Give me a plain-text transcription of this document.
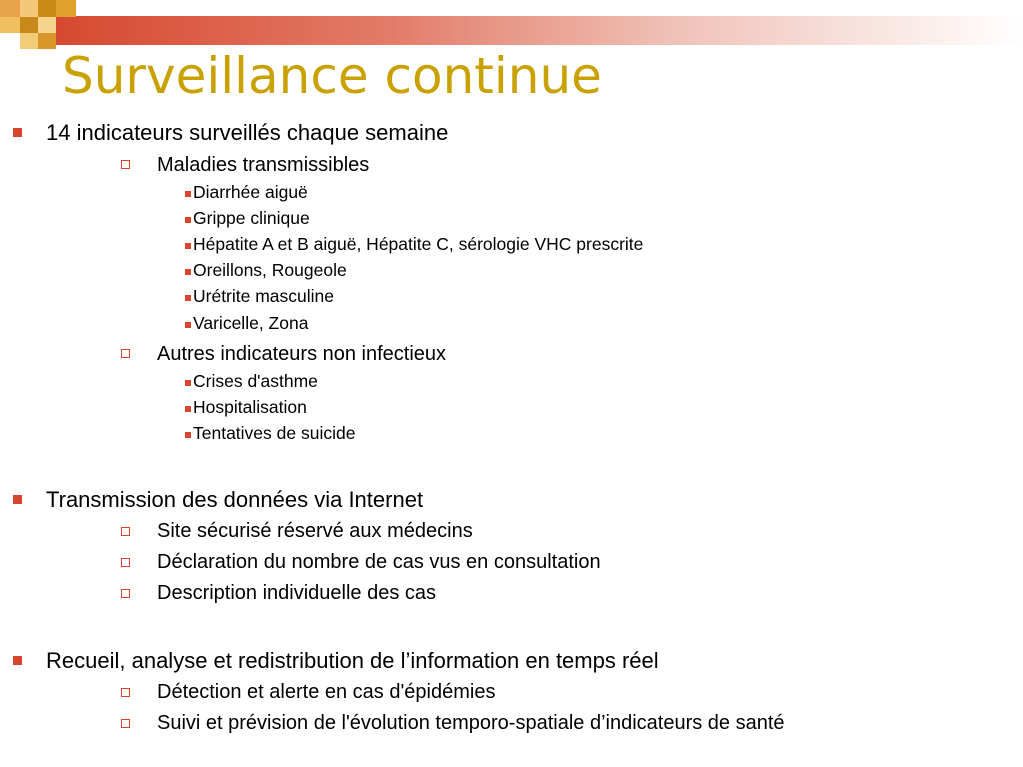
Surveillance continue
14 indicateurs surveillés chaque semaine
Maladies transmissibles
Diarrhée aiguë
Grippe clinique
Hépatite A et B aiguë, Hépatite C, sérologie VHC prescrite
Oreillons, Rougeole
Urétrite masculine
Varicelle, Zona
Autres indicateurs non infectieux
Crises d'asthme
Hospitalisation
Tentatives de suicide
Transmission des données via Internet
Site sécurisé réservé aux médecins
Déclaration du nombre de cas vus en consultation
Description individuelle des cas
Recueil, analyse et redistribution de l’information en temps réel
Détection et alerte en cas d'épidémies
Suivi et prévision de l'évolution temporo-spatiale d’indicateurs de santé
